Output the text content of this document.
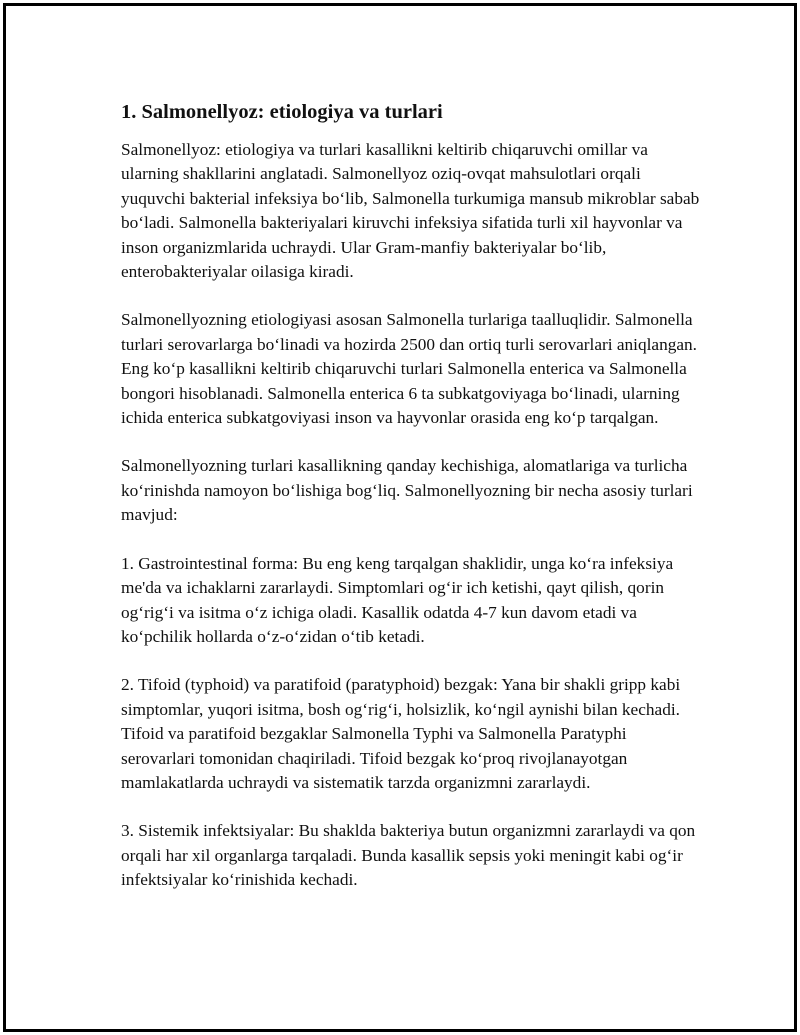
1. Salmonellyoz: etiologiya va turlari

Salmonellyoz: etiologiya va turlari kasallikni keltirib chiqaruvchi omillar va ularning shakllarini anglatadi. Salmonellyoz oziq-ovqat mahsulotlari orqali yuquvchi bakterial infeksiya bo‘lib, Salmonella turkumiga mansub mikroblar sabab bo‘ladi. Salmonella bakteriyalari kiruvchi infeksiya sifatida turli xil hayvonlar va inson organizmlarida uchraydi. Ular Gram-manfiy bakteriyalar bo‘lib, enterobakteriyalar oilasiga kiradi.

Salmonellyozning etiologiyasi asosan Salmonella turlariga taalluqlidir. Salmonella turlari serovarlarga bo‘linadi va hozirda 2500 dan ortiq turli serovarlari aniqlangan. Eng ko‘p kasallikni keltirib chiqaruvchi turlari Salmonella enterica va Salmonella bongori hisoblanadi. Salmonella enterica 6 ta subkatgoviyaga bo‘linadi, ularning ichida enterica subkatgoviyasi inson va hayvonlar orasida eng ko‘p tarqalgan.

Salmonellyozning turlari kasallikning qanday kechishiga, alomatlariga va turlicha ko‘rinishda namoyon bo‘lishiga bog‘liq. Salmonellyozning bir necha asosiy turlari mavjud:

1. Gastrointestinal forma: Bu eng keng tarqalgan shaklidir, unga ko‘ra infeksiya me'da va ichaklarni zararlaydi. Simptomlari og‘ir ich ketishi, qayt qilish, qorin og‘rig‘i va isitma o‘z ichiga oladi. Kasallik odatda 4-7 kun davom etadi va ko‘pchilik hollarda o‘z-o‘zidan o‘tib ketadi.

2. Tifoid (typhoid) va paratifoid (paratyphoid) bezgak: Yana bir shakli gripp kabi simptomlar, yuqori isitma, bosh og‘rig‘i, holsizlik, ko‘ngil aynishi bilan kechadi. Tifoid va paratifoid bezgaklar Salmonella Typhi va Salmonella Paratyphi serovarlari tomonidan chaqiriladi. Tifoid bezgak ko‘proq rivojlanayotgan mamlakatlarda uchraydi va sistematik tarzda organizmni zararlaydi.

3. Sistemik infektsiyalar: Bu shaklda bakteriya butun organizmni zararlaydi va qon orqali har xil organlarga tarqaladi. Bunda kasallik sepsis yoki meningit kabi og‘ir infektsiyalar ko‘rinishida kechadi.
